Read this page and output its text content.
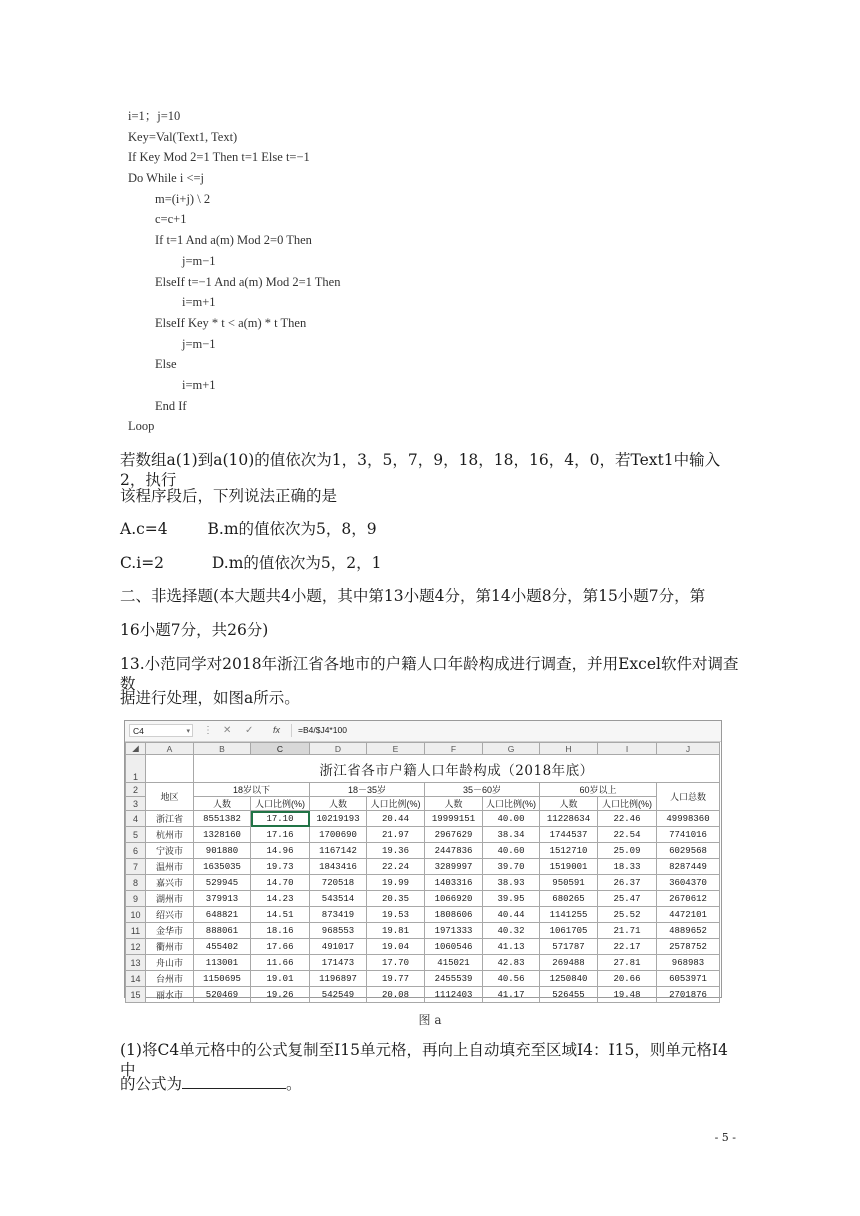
i=1；j=10
Key=Val(Text1, Text)
If Key Mod 2=1 Then t=1 Else t=−1
Do While i <=j
m=(i+j) \ 2
c=c+1
If t=1 And a(m) Mod 2=0 Then
j=m−1
ElseIf t=−1 And a(m) Mod 2=1 Then
i=m+1
ElseIf Key * t < a(m) * t Then
j=m−1
Else
i=m+1
End If
Loop
若数组a(1)到a(10)的值依次为1，3，5，7，9，18，18，16，4，0，若Text1中输入2，执行
该程序段后，下列说法正确的是
A.c=4	B.m的值依次为5，8，9
C.i=2	D.m的值依次为5，2，1
二、非选择题(本大题共4小题，其中第13小题4分，第14小题8分，第15小题7分，第
16小题7分，共26分)
13.小范同学对2018年浙江省各地市的户籍人口年龄构成进行调查，并用Excel软件对调查数
据进行处理，如图a所示。
C4	▾ ⋮ ✕ ✓ fx	=B4/$J4*100
◢	A	B	C	D	E	F	G	H	I	J
1		浙江省各市户籍人口年龄构成（2018年底）								
2	地区	18岁以下		18－35岁		35－60岁		60岁以上		人口总数
3		人数	人口比例(%)	人数	人口比例(%)	人数	人口比例(%)	人数	人口比例(%)	
4	浙江省	8551382	17.10	10219193	20.44	19999151	40.00	11228634	22.46	49998360
5	杭州市	1328160	17.16	1700690	21.97	2967629	38.34	1744537	22.54	7741016
6	宁波市	901880	14.96	1167142	19.36	2447836	40.60	1512710	25.09	6029568
7	温州市	1635035	19.73	1843416	22.24	3289997	39.70	1519001	18.33	8287449
8	嘉兴市	529945	14.70	720518	19.99	1403316	38.93	950591	26.37	3604370
9	湖州市	379913	14.23	543514	20.35	1066920	39.95	680265	25.47	2670612
10	绍兴市	648821	14.51	873419	19.53	1808606	40.44	1141255	25.52	4472101
11	金华市	888061	18.16	968553	19.81	1971333	40.32	1061705	21.71	4889652
12	衢州市	455402	17.66	491017	19.04	1060546	41.13	571787	22.17	2578752
13	舟山市	113001	11.66	171473	17.70	415021	42.83	269488	27.81	968983
14	台州市	1150695	19.01	1196897	19.77	2455539	40.56	1250840	20.66	6053971
15	丽水市	520469	19.26	542549	20.08	1112403	41.17	526455	19.48	2701876
图 a
(1)将C4单元格中的公式复制至I15单元格，再向上自动填充至区域I4：I15，则单元格I4中
的公式为	。
- 5 -
